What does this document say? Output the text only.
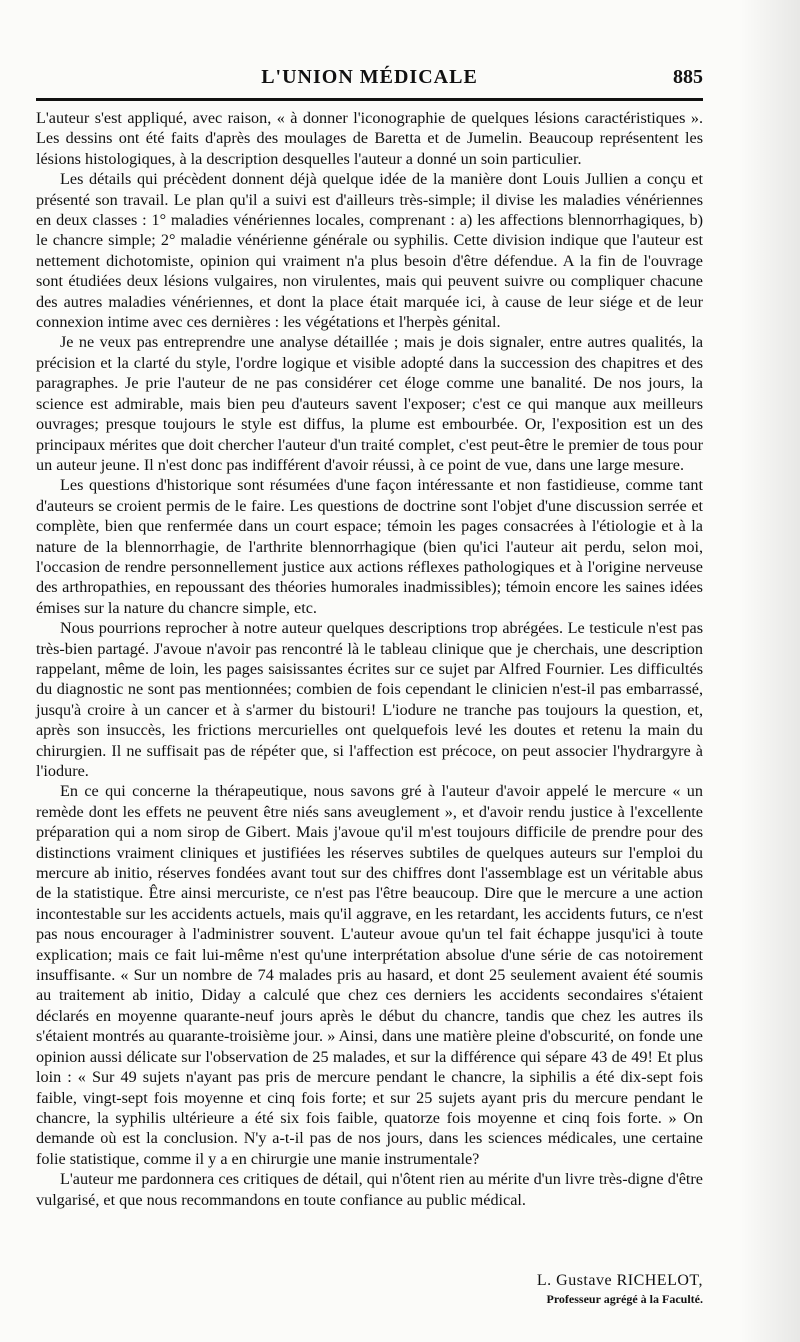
L'UNION MÉDICALE	885

L'auteur s'est appliqué, avec raison, « à donner l'iconographie de quelques lésions caractéristiques ». Les dessins ont été faits d'après des moulages de Baretta et de Jumelin. Beaucoup représentent les lésions histologiques, à la description desquelles l'auteur a donné un soin particulier.

Les détails qui précèdent donnent déjà quelque idée de la manière dont Louis Jullien a conçu et présenté son travail. Le plan qu'il a suivi est d'ailleurs très-simple; il divise les maladies vénériennes en deux classes : 1° maladies vénériennes locales, comprenant : a) les affections blennorrhagiques, b) le chancre simple; 2° maladie vénérienne générale ou syphilis. Cette division indique que l'auteur est nettement dichotomiste, opinion qui vraiment n'a plus besoin d'être défendue. A la fin de l'ouvrage sont étudiées deux lésions vulgaires, non virulentes, mais qui peuvent suivre ou compliquer chacune des autres maladies vénériennes, et dont la place était marquée ici, à cause de leur siége et de leur connexion intime avec ces dernières : les végétations et l'herpès génital.

Je ne veux pas entreprendre une analyse détaillée ; mais je dois signaler, entre autres qualités, la précision et la clarté du style, l'ordre logique et visible adopté dans la succession des chapitres et des paragraphes. Je prie l'auteur de ne pas considérer cet éloge comme une banalité. De nos jours, la science est admirable, mais bien peu d'auteurs savent l'exposer; c'est ce qui manque aux meilleurs ouvrages; presque toujours le style est diffus, la plume est embourbée. Or, l'exposition est un des principaux mérites que doit chercher l'auteur d'un traité complet, c'est peut-être le premier de tous pour un auteur jeune. Il n'est donc pas indifférent d'avoir réussi, à ce point de vue, dans une large mesure.

Les questions d'historique sont résumées d'une façon intéressante et non fastidieuse, comme tant d'auteurs se croient permis de le faire. Les questions de doctrine sont l'objet d'une discussion serrée et complète, bien que renfermée dans un court espace; témoin les pages consacrées à l'étiologie et à la nature de la blennorrhagie, de l'arthrite blennorrhagique (bien qu'ici l'auteur ait perdu, selon moi, l'occasion de rendre personnellement justice aux actions réflexes pathologiques et à l'origine nerveuse des arthropathies, en repoussant des théories humorales inadmissibles); témoin encore les saines idées émises sur la nature du chancre simple, etc.

Nous pourrions reprocher à notre auteur quelques descriptions trop abrégées. Le testicule n'est pas très-bien partagé. J'avoue n'avoir pas rencontré là le tableau clinique que je cherchais, une description rappelant, même de loin, les pages saisissantes écrites sur ce sujet par Alfred Fournier. Les difficultés du diagnostic ne sont pas mentionnées; combien de fois cependant le clinicien n'est-il pas embarrassé, jusqu'à croire à un cancer et à s'armer du bistouri! L'iodure ne tranche pas toujours la question, et, après son insuccès, les frictions mercurielles ont quelquefois levé les doutes et retenu la main du chirurgien. Il ne suffisait pas de répéter que, si l'affection est précoce, on peut associer l'hydrargyre à l'iodure.

En ce qui concerne la thérapeutique, nous savons gré à l'auteur d'avoir appelé le mercure « un remède dont les effets ne peuvent être niés sans aveuglement », et d'avoir rendu justice à l'excellente préparation qui a nom sirop de Gibert. Mais j'avoue qu'il m'est toujours difficile de prendre pour des distinctions vraiment cliniques et justifiées les réserves subtiles de quelques auteurs sur l'emploi du mercure ab initio, réserves fondées avant tout sur des chiffres dont l'assemblage est un véritable abus de la statistique. Être ainsi mercuriste, ce n'est pas l'être beaucoup. Dire que le mercure a une action incontestable sur les accidents actuels, mais qu'il aggrave, en les retardant, les accidents futurs, ce n'est pas nous encourager à l'administrer souvent. L'auteur avoue qu'un tel fait échappe jusqu'ici à toute explication; mais ce fait lui-même n'est qu'une interprétation absolue d'une série de cas notoirement insuffisante. « Sur un nombre de 74 malades pris au hasard, et dont 25 seulement avaient été soumis au traitement ab initio, Diday a calculé que chez ces derniers les accidents secondaires s'étaient déclarés en moyenne quarante-neuf jours après le début du chancre, tandis que chez les autres ils s'étaient montrés au quarante-troisième jour. » Ainsi, dans une matière pleine d'obscurité, on fonde une opinion aussi délicate sur l'observation de 25 malades, et sur la différence qui sépare 43 de 49! Et plus loin : « Sur 49 sujets n'ayant pas pris de mercure pendant le chancre, la siphilis a été dix-sept fois faible, vingt-sept fois moyenne et cinq fois forte; et sur 25 sujets ayant pris du mercure pendant le chancre, la syphilis ultérieure a été six fois faible, quatorze fois moyenne et cinq fois forte. » On demande où est la conclusion. N'y a-t-il pas de nos jours, dans les sciences médicales, une certaine folie statistique, comme il y a en chirurgie une manie instrumentale?

L'auteur me pardonnera ces critiques de détail, qui n'ôtent rien au mérite d'un livre très-digne d'être vulgarisé, et que nous recommandons en toute confiance au public médical.

L. Gustave RICHELOT,
Professeur agrégé à la Faculté.
